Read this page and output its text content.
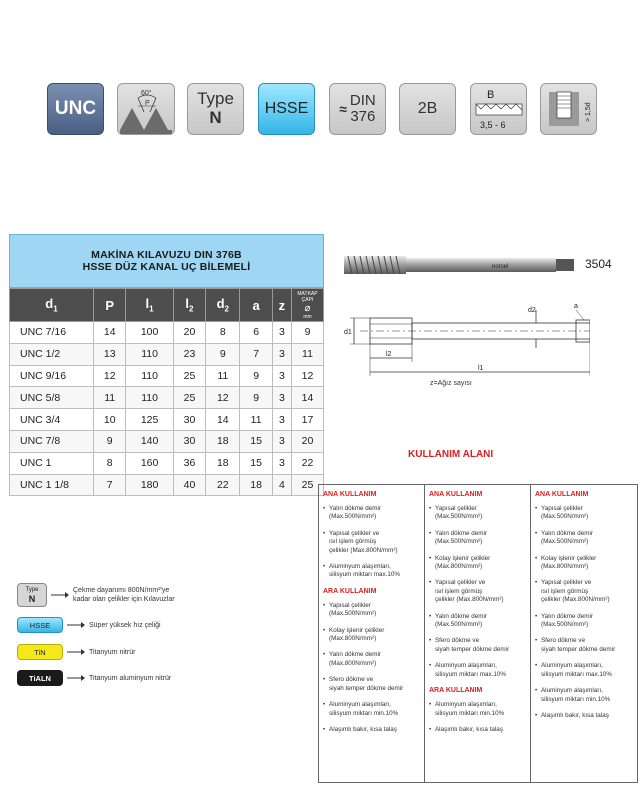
UNC
60°
P	Type
N	HSSE ≈
DIN
376	2B
B
3,5 - 6
> 1,5d
MAKİNA KILAVUZU DIN 376B
HSSE DÜZ KANAL UÇ BİLEMELİ
$d_1$	P	$l_1$	$l_2$	$d_2$	a	z	MATKAP ÇAPI
⌀
mm

UNC 7/16	14	100	20	8	6	3	9
UNC 1/2	13	110	23	9	7	3	11
UNC 9/16	12	110	25	11	9	3	12
UNC 5/8	11	110	25	12	9	3	14
UNC 3/4	10	125	30	14	11	3	17
UNC 7/8	9	140	30	18	15	3	20
UNC 1	8	160	36	18	15	3	22
UNC 1 1/8	7	180	40	22	18	4	25
norsel
d1
l2
l1
d2
a
3504
z=Ağız sayısı
KULLANIM ALANI
ANA KULLANIM
• Yalın dökme demir
(Max.500N/mm²)
• Yapısal çelikler ve
ısıl işlem görmüş
çelikler (Max.800N/mm²)
• Aluminyum alaşımları,
silisyum miktarı max.10%
ARA KULLANIM
• Yapısal çelikler
(Max.500N/mm²)
• Kolay işlenir çelikler
(Max.800N/mm²)
• Yalın dökme demir
(Max.800N/mm²)
• Sfero dökme ve
siyah temper dökme demir
• Aluminyum alaşımları,
silisyum miktarı min.10%
• Alaşımlı bakır, kısa talaş
ANA KULLANIM
• Yapısal çelikler
(Max.500N/mm²)
• Yalın dökme demir
(Max.500N/mm²)
• Kolay işlenir çelikler
(Max.800N/mm²)
• Yapısal çelikler ve
ısıl işlem görmüş
çelikler (Max.800N/mm²)
• Yalın dökme demir
(Max.500N/mm²)
• Sfero dökme ve
siyah temper dökme demir
• Aluminyum alaşımları,
silisyum miktarı max.10%
ARA KULLANIM
• Aluminyum alaşımları,
silisyum miktarı min.10%
• Alaşımlı bakır, kısa talaş
ANA KULLANIM
• Yapısal çelikler
(Max.500N/mm²)
• Yalın dökme demir
(Max.500N/mm²)
• Kolay işlenir çelikler
(Max.800N/mm²)
• Yapısal çelikler ve
ısıl işlem görmüş
çelikler (Max.800N/mm²)
• Yalın dökme demir
(Max.500N/mm²)
• Sfero dökme ve
siyah temper dökme demir
• Aluminyum alaşımları,
silisyum miktarı max.10%
• Aluminyum alaşımları,
silisyum miktarı min.10%
• Alaşımlı bakır, kısa talaş
Type
N
Çekme dayanımı 800N/mm²'ye
kadar olan çelikler için Kılavuzlar
HSSE	Süper yüksek hız çeliği
TiN	Titanyum nitrür
TiALN	Titanyum aluminyum nitrür
